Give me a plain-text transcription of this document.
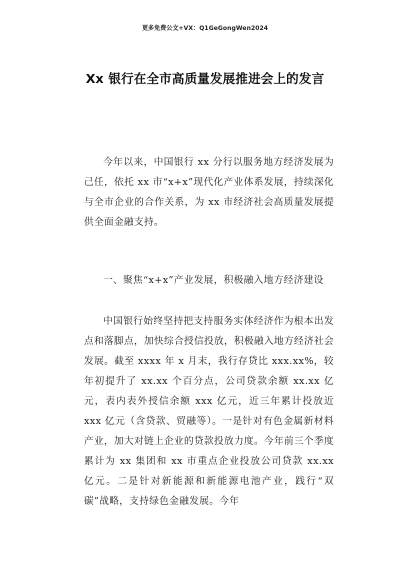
更多免费公文+VX：Q1GeGongWen2024
Xx 银行在全市高质量发展推进会上的发言

今年以来，中国银行 xx 分行以服务地方经济发展为己任，依托 xx 市“x+x”现代化产业体系发展，持续深化与全市企业的合作关系，为 xx 市经济社会高质量发展提供全面金融支持。

一、聚焦“x+x”产业发展，积极融入地方经济建设

中国银行始终坚持把支持服务实体经济作为根本出发点和落脚点，加快综合授信投放，积极融入地方经济社会发展。截至 xxxx 年 x 月末，我行存贷比 xxx.xx%，较年初提升了 xx.xx 个百分点，公司贷款余额 xx.xx 亿元，表内表外授信余额 xxx 亿元，近三年累计投放近 xxx 亿元（含贷款、贸融等）。一是针对有色金属新材料产业，加大对链上企业的贷款投放力度。今年前三个季度累计为 xx 集团和 xx 市重点企业投放公司贷款 xx.xx 亿元。二是针对新能源和新能源电池产业，践行“双碳”战略，支持绿色金融发展。今年
